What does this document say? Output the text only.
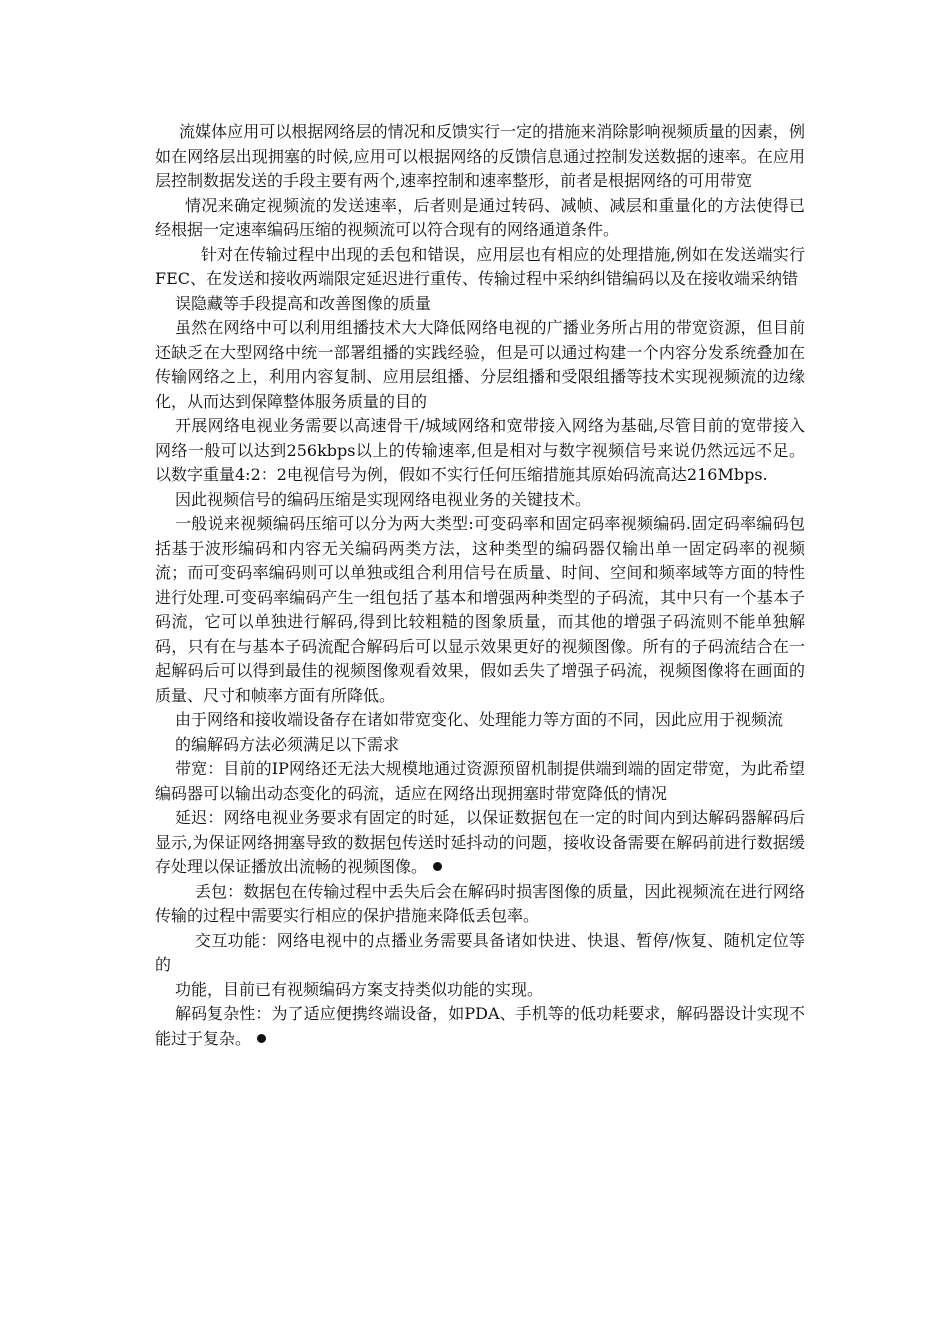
流媒体应用可以根据网络层的情况和反馈实行一定的措施来消除影响视频质量的因素，例如在网络层出现拥塞的时候,应用可以根据网络的反馈信息通过控制发送数据的速率。在应用层控制数据发送的手段主要有两个,速率控制和速率整形，前者是根据网络的可用带宽

情况来确定视频流的发送速率，后者则是通过转码、减帧、减层和重量化的方法使得已经根据一定速率编码压缩的视频流可以符合现有的网络通道条件。

针对在传输过程中出现的丢包和错误，应用层也有相应的处理措施,例如在发送端实行FEC、在发送和接收两端限定延迟进行重传、传输过程中采纳纠错编码以及在接收端采纳错

误隐藏等手段提高和改善图像的质量

虽然在网络中可以利用组播技术大大降低网络电视的广播业务所占用的带宽资源，但目前还缺乏在大型网络中统一部署组播的实践经验，但是可以通过构建一个内容分发系统叠加在传输网络之上，利用内容复制、应用层组播、分层组播和受限组播等技术实现视频流的边缘化，从而达到保障整体服务质量的目的

开展网络电视业务需要以高速骨干/城域网络和宽带接入网络为基础,尽管目前的宽带接入网络一般可以达到256kbps以上的传输速率,但是相对与数字视频信号来说仍然远远不足。以数字重量4:2：2电视信号为例，假如不实行任何压缩措施其原始码流高达216Mbps.

因此视频信号的编码压缩是实现网络电视业务的关键技术。

一般说来视频编码压缩可以分为两大类型:可变码率和固定码率视频编码.固定码率编码包括基于波形编码和内容无关编码两类方法，这种类型的编码器仅输出单一固定码率的视频流；而可变码率编码则可以单独或组合利用信号在质量、时间、空间和频率域等方面的特性进行处理.可变码率编码产生一组包括了基本和增强两种类型的子码流，其中只有一个基本子码流，它可以单独进行解码,得到比较粗糙的图象质量，而其他的增强子码流则不能单独解码，只有在与基本子码流配合解码后可以显示效果更好的视频图像。所有的子码流结合在一起解码后可以得到最佳的视频图像观看效果，假如丢失了增强子码流，视频图像将在画面的质量、尺寸和帧率方面有所降低。

由于网络和接收端设备存在诸如带宽变化、处理能力等方面的不同，因此应用于视频流

的编解码方法必须满足以下需求

带宽：目前的IP网络还无法大规模地通过资源预留机制提供端到端的固定带宽，为此希望编码器可以输出动态变化的码流，适应在网络出现拥塞时带宽降低的情况

延迟：网络电视业务要求有固定的时延，以保证数据包在一定的时间内到达解码器解码后显示,为保证网络拥塞导致的数据包传送时延抖动的问题，接收设备需要在解码前进行数据缓存处理以保证播放出流畅的视频图像。

丢包：数据包在传输过程中丢失后会在解码时损害图像的质量，因此视频流在进行网络传输的过程中需要实行相应的保护措施来降低丢包率。

交互功能：网络电视中的点播业务需要具备诸如快进、快退、暂停/恢复、随机定位等的

功能，目前已有视频编码方案支持类似功能的实现。

解码复杂性：为了适应便携终端设备，如PDA、手机等的低功耗要求，解码器设计实现不能过于复杂。
